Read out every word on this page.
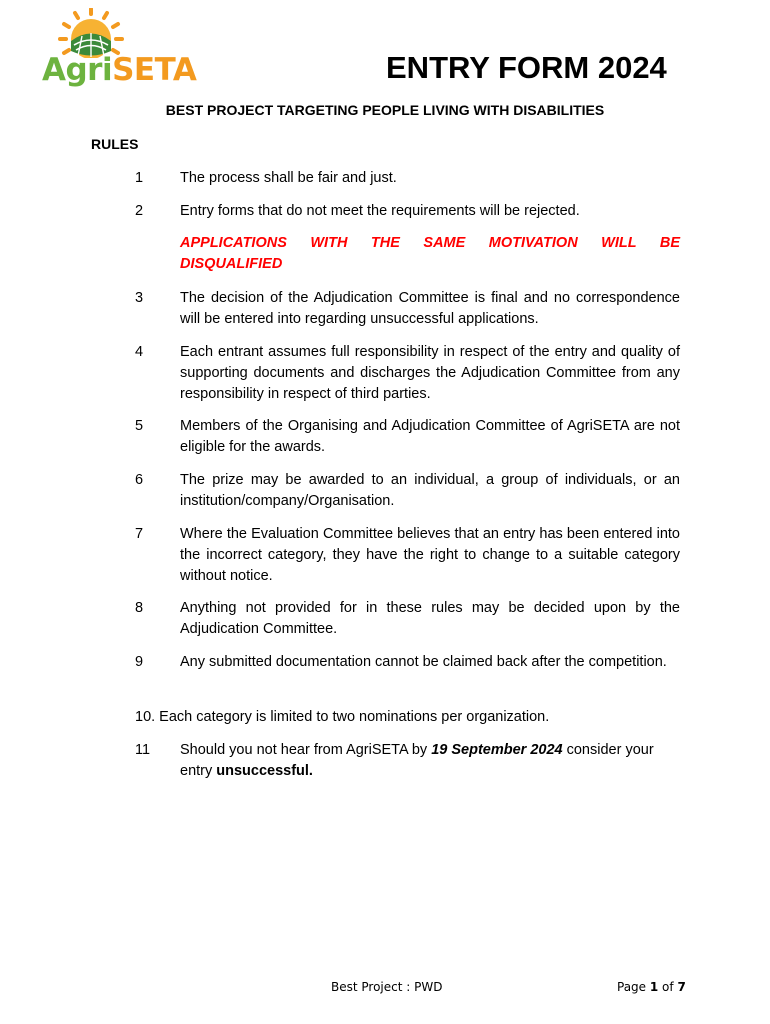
AgriSETA	ENTRY FORM 2024
BEST PROJECT TARGETING PEOPLE LIVING WITH DISABILITIES
RULES
1	The process shall be fair and just.
2	Entry forms that do not meet the requirements will be rejected.
APPLICATIONS WITH THE SAME MOTIVATION WILL BE
DISQUALIFIED
3	The decision of the Adjudication Committee is final and no correspondence will be entered into regarding unsuccessful applications.
4	Each entrant assumes full responsibility in respect of the entry and quality of supporting documents and discharges the Adjudication Committee from any responsibility in respect of third parties.
5	Members of the Organising and Adjudication Committee of AgriSETA are not eligible for the awards.
6	The prize may be awarded to an individual, a group of individuals, or an institution/company/Organisation.
7	Where the Evaluation Committee believes that an entry has been entered into the incorrect category, they have the right to change to a suitable category without notice.
8	Anything not provided for in these rules may be decided upon by the Adjudication Committee.
9	Any submitted documentation cannot be claimed back after the competition.
10. Each category is limited to two nominations per organization.
11 Should you not hear from AgriSETA by 19 September 2024 consider your entry unsuccessful.
Best Project : PWD	Page 1 of 7
